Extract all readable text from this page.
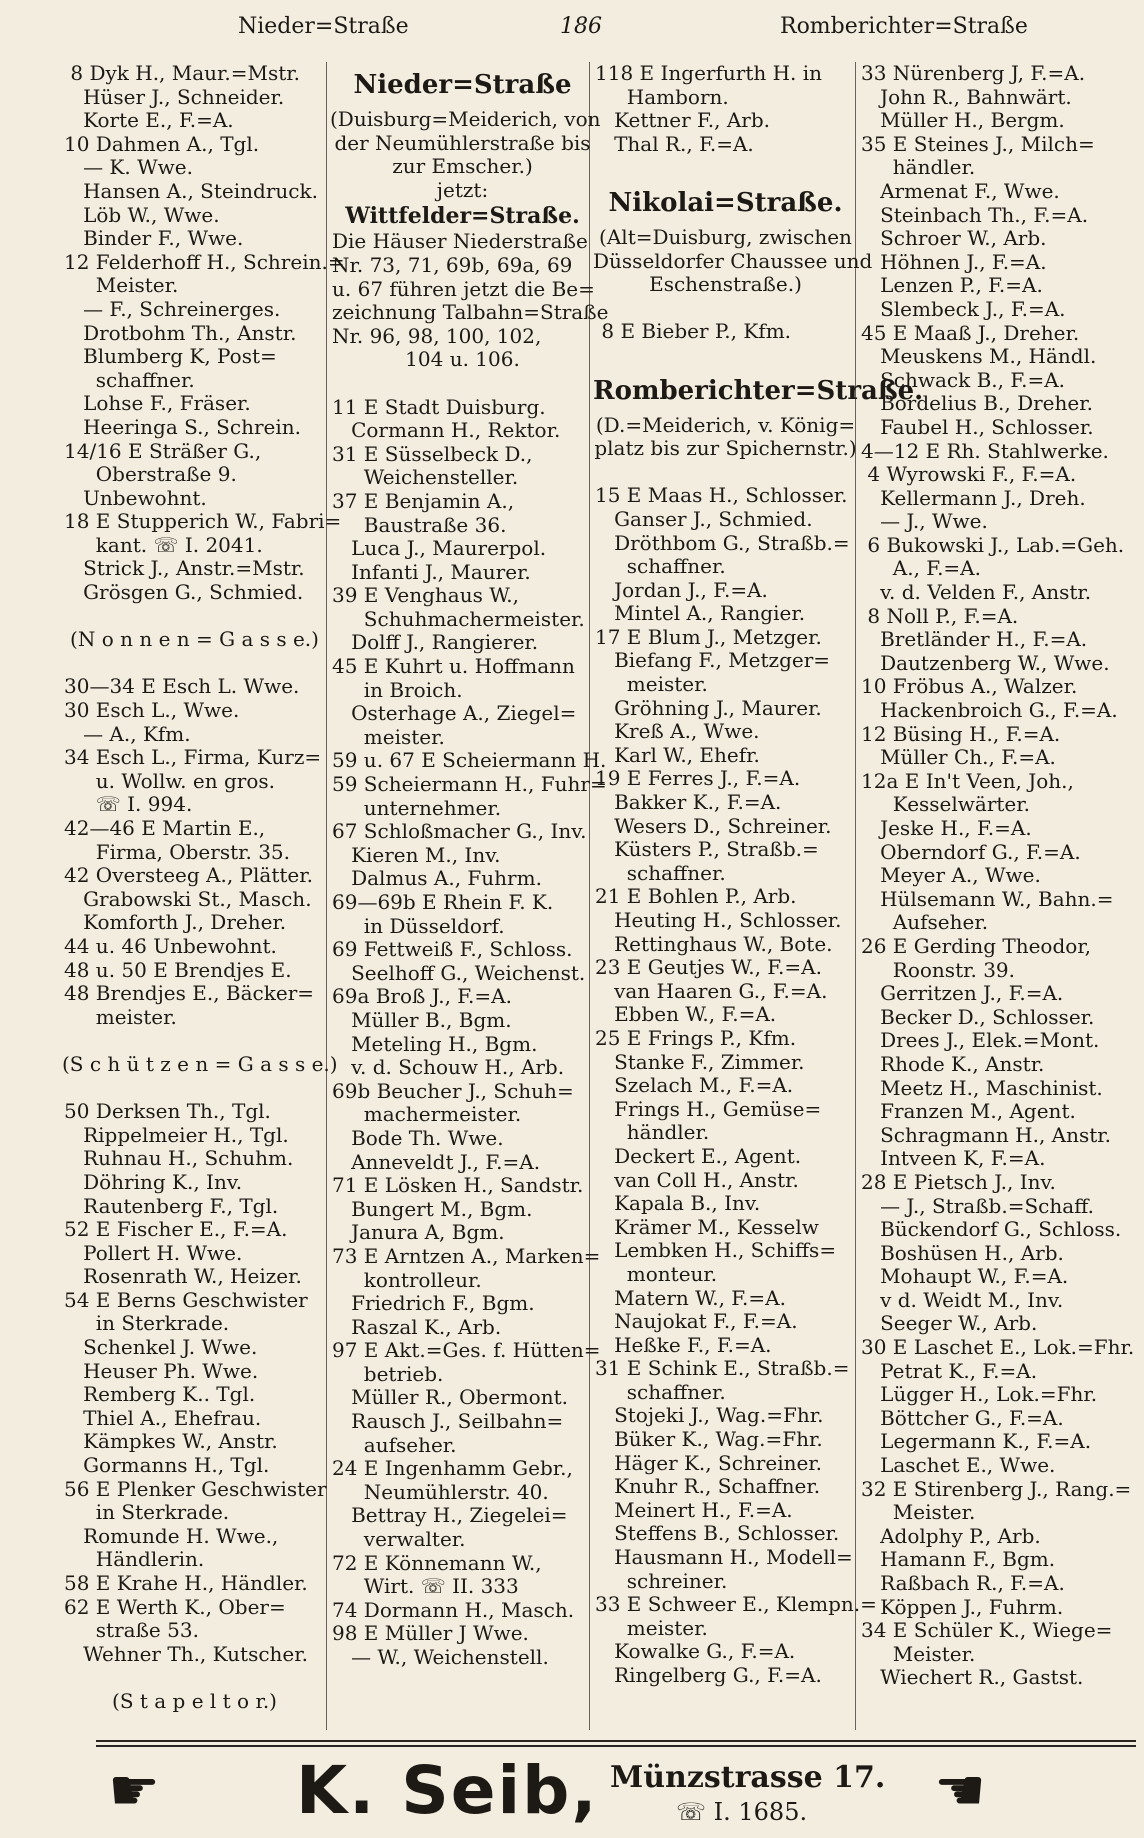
Nieder=Straße	186	Romberichter=Straße
8 Dyk H., Maur.=Mstr.
Hüser J., Schneider.
Korte E., F.=A.
10 Dahmen A., Tgl.
— K. Wwe.
Hansen A., Steindruck.
Löb W., Wwe.
Binder F., Wwe.
12 Felderhoff H., Schrein.=
Meister.
— F., Schreinerges.
Drotbohm Th., Anstr.
Blumberg K, Post=
schaffner.
Lohse F., Fräser.
Heeringa S., Schrein.
14/16 E Sträßer G.,
Oberstraße 9.
Unbewohnt.
18 E Stupperich W., Fabri=
kant. ☏ I. 2041.
Strick J., Anstr.=Mstr.
Grösgen G., Schmied.

(N o n n e n = G a s s e.)

30—34 E Esch L. Wwe.
30 Esch L., Wwe.
— A., Kfm.
34 Esch L., Firma, Kurz=
u. Wollw. en gros.
☏ I. 994.
42—46 E Martin E.,
Firma, Oberstr. 35.
42 Oversteeg A., Plätter.
Grabowski St., Masch.
Komforth J., Dreher.
44 u. 46 Unbewohnt.
48 u. 50 E Brendjes E.
48 Brendjes E., Bäcker=
meister.

(S c h ü t z e n = G a s s e.)

50 Derksen Th., Tgl.
Rippelmeier H., Tgl.
Ruhnau H., Schuhm.
Döhring K., Inv.
Rautenberg F., Tgl.
52 E Fischer E., F.=A.
Pollert H. Wwe.
Rosenrath W., Heizer.
54 E Berns Geschwister
in Sterkrade.
Schenkel J. Wwe.
Heuser Ph. Wwe.
Remberg K.. Tgl.
Thiel A., Ehefrau.
Kämpkes W., Anstr.
Gormanns H., Tgl.
56 E Plenker Geschwister
in Sterkrade.
Romunde H. Wwe.,
Händlerin.
58 E Krahe H., Händler.
62 E Werth K., Ober=
straße 53.
Wehner Th., Kutscher.

(S t a p e l t o r.)
Nieder=Straße
(Duisburg=Meiderich, von
der Neumühlerstraße bis
zur Emscher.)
jetzt:
Wittfelder=Straße.
Die Häuser Niederstraße
Nr. 73, 71, 69b, 69a, 69
u. 67 führen jetzt die Be=
zeichnung Talbahn=Straße
Nr. 96, 98, 100, 102,
104 u. 106.

11 E Stadt Duisburg.
Cormann H., Rektor.
31 E Süsselbeck D.,
Weichensteller.
37 E Benjamin A.,
Baustraße 36.
Luca J., Maurerpol.
Infanti J., Maurer.
39 E Venghaus W.,
Schuhmachermeister.
Dolff J., Rangierer.
45 E Kuhrt u. Hoffmann
in Broich.
Osterhage A., Ziegel=
meister.
59 u. 67 E Scheiermann H.
59 Scheiermann H., Fuhr=
unternehmer.
67 Schloßmacher G., Inv.
Kieren M., Inv.
Dalmus A., Fuhrm.
69—69b E Rhein F. K.
in Düsseldorf.
69 Fettweiß F., Schloss.
Seelhoff G., Weichenst.
69a Broß J., F.=A.
Müller B., Bgm.
Meteling H., Bgm.
v. d. Schouw H., Arb.
69b Beucher J., Schuh=
machermeister.
Bode Th. Wwe.
Anneveldt J., F.=A.
71 E Lösken H., Sandstr.
Bungert M., Bgm.
Janura A, Bgm.
73 E Arntzen A., Marken=
kontrolleur.
Friedrich F., Bgm.
Raszal K., Arb.
97 E Akt.=Ges. f. Hütten=
betrieb.
Müller R., Obermont.
Rausch J., Seilbahn=
aufseher.
24 E Ingenhamm Gebr.,
Neumühlerstr. 40.
Bettray H., Ziegelei=
verwalter.
72 E Könnemann W.,
Wirt. ☏ II. 333
74 Dormann H., Masch.
98 E Müller J Wwe.
— W., Weichenstell.
118 E Ingerfurth H. in
Hamborn.
Kettner F., Arb.
Thal R., F.=A.

Nikolai=Straße.
(Alt=Duisburg, zwischen
Düsseldorfer Chaussee und
Eschenstraße.)

8 E Bieber P., Kfm.

Romberichter=Straße.
(D.=Meiderich, v. König=
platz bis zur Spichernstr.)

15 E Maas H., Schlosser.
Ganser J., Schmied.
Dröthbom G., Straßb.=
schaffner.
Jordan J., F.=A.
Mintel A., Rangier.
17 E Blum J., Metzger.
Biefang F., Metzger=
meister.
Gröhning J., Maurer.
Kreß A., Wwe.
Karl W., Ehefr.
19 E Ferres J., F.=A.
Bakker K., F.=A.
Wesers D., Schreiner.
Küsters P., Straßb.=
schaffner.
21 E Bohlen P., Arb.
Heuting H., Schlosser.
Rettinghaus W., Bote.
23 E Geutjes W., F.=A.
van Haaren G., F.=A.
Ebben W., F.=A.
25 E Frings P., Kfm.
Stanke F., Zimmer.
Szelach M., F.=A.
Frings H., Gemüse=
händler.
Deckert E., Agent.
van Coll H., Anstr.
Kapala B., Inv.
Krämer M., Kesselw
Lembken H., Schiffs=
monteur.
Matern W., F.=A.
Naujokat F., F.=A.
Heßke F., F.=A.
31 E Schink E., Straßb.=
schaffner.
Stojeki J., Wag.=Fhr.
Büker K., Wag.=Fhr.
Häger K., Schreiner.
Knuhr R., Schaffner.
Meinert H., F.=A.
Steffens B., Schlosser.
Hausmann H., Modell=
schreiner.
33 E Schweer E., Klempn.=
meister.
Kowalke G., F.=A.
Ringelberg G., F.=A.
33 Nürenberg J, F.=A.
John R., Bahnwärt.
Müller H., Bergm.
35 E Steines J., Milch=
händler.
Armenat F., Wwe.
Steinbach Th., F.=A.
Schroer W., Arb.
Höhnen J., F.=A.
Lenzen P., F.=A.
Slembeck J., F.=A.
45 E Maaß J., Dreher.
Meuskens M., Händl.
Schwack B., F.=A.
Bordelius B., Dreher.
Faubel H., Schlosser.
4—12 E Rh. Stahlwerke.
4 Wyrowski F., F.=A.
Kellermann J., Dreh.
— J., Wwe.
6 Bukowski J., Lab.=Geh.
A., F.=A.
v. d. Velden F., Anstr.
8 Noll P., F.=A.
Bretländer H., F.=A.
Dautzenberg W., Wwe.
10 Fröbus A., Walzer.
Hackenbroich G., F.=A.
12 Büsing H., F.=A.
Müller Ch., F.=A.
12a E In't Veen, Joh.,
Kesselwärter.
Jeske H., F.=A.
Oberndorf G., F.=A.
Meyer A., Wwe.
Hülsemann W., Bahn.=
Aufseher.
26 E Gerding Theodor,
Roonstr. 39.
Gerritzen J., F.=A.
Becker D., Schlosser.
Drees J., Elek.=Mont.
Rhode K., Anstr.
Meetz H., Maschinist.
Franzen M., Agent.
Schragmann H., Anstr.
Intveen K, F.=A.
28 E Pietsch J., Inv.
— J., Straßb.=Schaff.
Bückendorf G., Schloss.
Boshüsen H., Arb.
Mohaupt W., F.=A.
v d. Weidt M., Inv.
Seeger W., Arb.
30 E Laschet E., Lok.=Fhr.
Petrat K., F.=A.
Lügger H., Lok.=Fhr.
Böttcher G., F.=A.
Legermann K., F.=A.
Laschet E., Wwe.
32 E Stirenberg J., Rang.=
Meister.
Adolphy P., Arb.
Hamann F., Bgm.
Raßbach R., F.=A.
Köppen J., Fuhrm.
34 E Schüler K., Wiege=
Meister.
Wiechert R., Gastst.
☛ K. Seib, Münzstrasse 17.
☏ I. 1685. ☚
